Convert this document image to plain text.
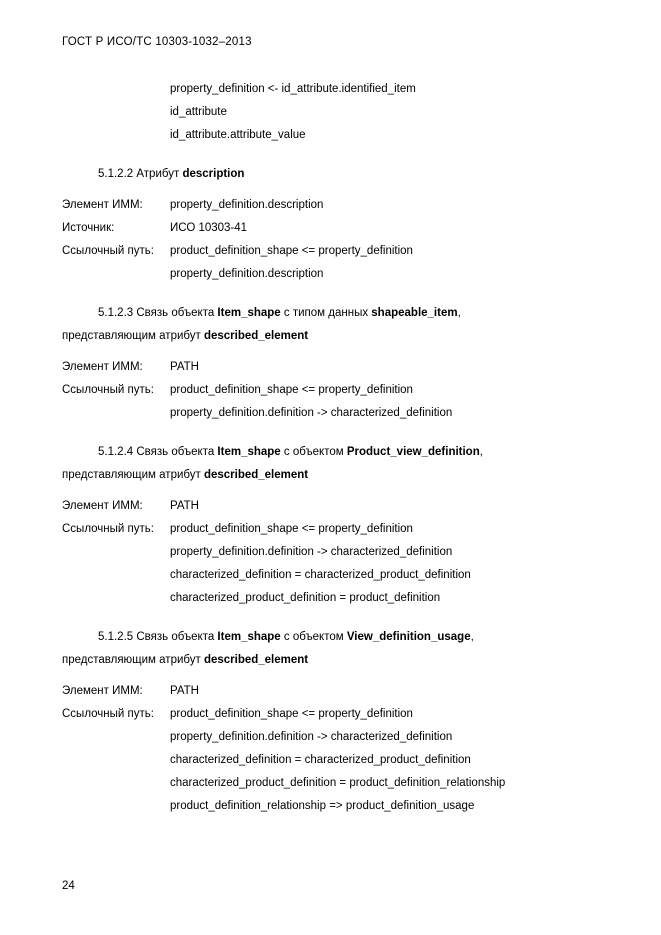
ГОСТ Р ИСО/ТС 10303-1032–2013
property_definition <- id_attribute.identified_item
id_attribute
id_attribute.attribute_value
5.1.2.2 Атрибут description
Элемент ИММ: property_definition.description
Источник:	ИСО 10303-41
Ссылочный путь: product_definition_shape <= property_definition
property_definition.description
5.1.2.3 Связь объекта Item_shape с типом данных shapeable_item,
представляющим атрибут described_element
Элемент ИММ: PATH
Ссылочный путь: product_definition_shape <= property_definition
property_definition.definition -> characterized_definition
5.1.2.4 Связь объекта Item_shape с объектом Product_view_definition,
представляющим атрибут described_element
Элемент ИММ: PATH
Ссылочный путь: product_definition_shape <= property_definition
property_definition.definition -> characterized_definition
characterized_definition = characterized_product_definition
characterized_product_definition = product_definition
5.1.2.5 Связь объекта Item_shape с объектом View_definition_usage,
представляющим атрибут described_element
Элемент ИММ: PATH
Ссылочный путь: product_definition_shape <= property_definition
property_definition.definition -> characterized_definition
characterized_definition = characterized_product_definition
characterized_product_definition = product_definition_relationship
product_definition_relationship => product_definition_usage
24
